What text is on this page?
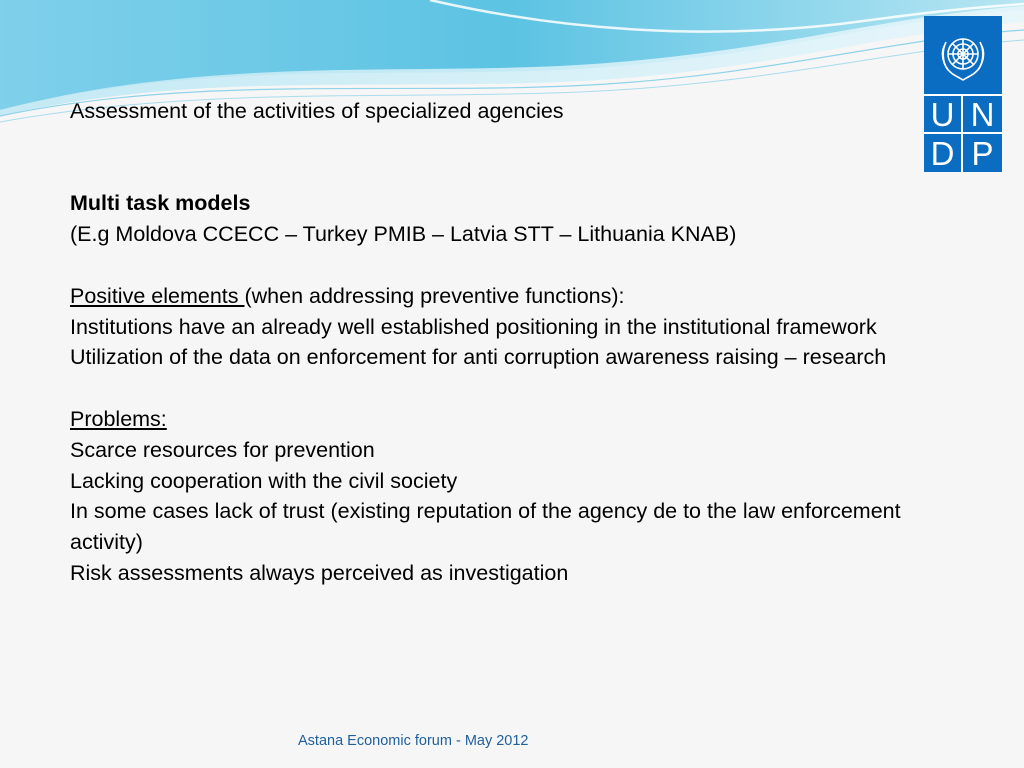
U N
D P

Assessment of the activities of specialized agencies

Multi task models

(E.g Moldova CCECC – Turkey PMIB – Latvia STT – Lithuania KNAB)

Positive elements (when addressing preventive functions):

Institutions have an already well established positioning in the institutional framework

Utilization of the data on enforcement for anti corruption awareness raising – research

Problems:

Scarce resources for prevention

Lacking cooperation with the civil society

In some cases lack of trust (existing reputation of the agency de to the law enforcement activity)

Risk assessments always perceived as investigation

Astana Economic forum - May 2012
